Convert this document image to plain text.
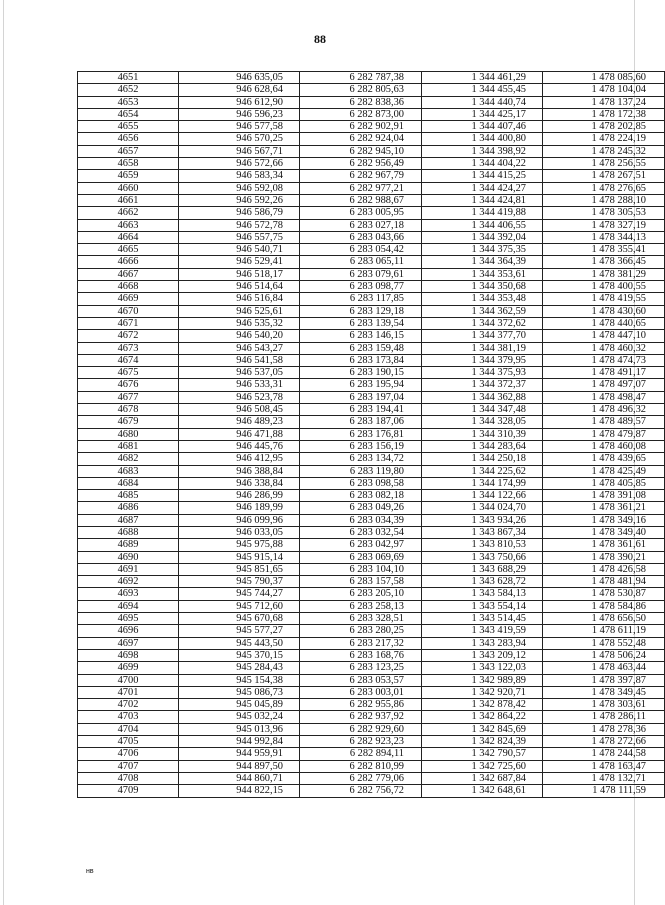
88
4651	946 635,05	6 282 787,38	1 344 461,29	1 478 085,60
4652	946 628,64	6 282 805,63	1 344 455,45	1 478 104,04
4653	946 612,90	6 282 838,36	1 344 440,74	1 478 137,24
4654	946 596,23	6 282 873,00	1 344 425,17	1 478 172,38
4655	946 577,58	6 282 902,91	1 344 407,46	1 478 202,85
4656	946 570,25	6 282 924,04	1 344 400,80	1 478 224,19
4657	946 567,71	6 282 945,10	1 344 398,92	1 478 245,32
4658	946 572,66	6 282 956,49	1 344 404,22	1 478 256,55
4659	946 583,34	6 282 967,79	1 344 415,25	1 478 267,51
4660	946 592,08	6 282 977,21	1 344 424,27	1 478 276,65
4661	946 592,26	6 282 988,67	1 344 424,81	1 478 288,10
4662	946 586,79	6 283 005,95	1 344 419,88	1 478 305,53
4663	946 572,78	6 283 027,18	1 344 406,55	1 478 327,19
4664	946 557,75	6 283 043,66	1 344 392,04	1 478 344,13
4665	946 540,71	6 283 054,42	1 344 375,35	1 478 355,41
4666	946 529,41	6 283 065,11	1 344 364,39	1 478 366,45
4667	946 518,17	6 283 079,61	1 344 353,61	1 478 381,29
4668	946 514,64	6 283 098,77	1 344 350,68	1 478 400,55
4669	946 516,84	6 283 117,85	1 344 353,48	1 478 419,55
4670	946 525,61	6 283 129,18	1 344 362,59	1 478 430,60
4671	946 535,32	6 283 139,54	1 344 372,62	1 478 440,65
4672	946 540,20	6 283 146,15	1 344 377,70	1 478 447,10
4673	946 543,27	6 283 159,48	1 344 381,19	1 478 460,32
4674	946 541,58	6 283 173,84	1 344 379,95	1 478 474,73
4675	946 537,05	6 283 190,15	1 344 375,93	1 478 491,17
4676	946 533,31	6 283 195,94	1 344 372,37	1 478 497,07
4677	946 523,78	6 283 197,04	1 344 362,88	1 478 498,47
4678	946 508,45	6 283 194,41	1 344 347,48	1 478 496,32
4679	946 489,23	6 283 187,06	1 344 328,05	1 478 489,57
4680	946 471,88	6 283 176,81	1 344 310,39	1 478 479,87
4681	946 445,76	6 283 156,19	1 344 283,64	1 478 460,08
4682	946 412,95	6 283 134,72	1 344 250,18	1 478 439,65
4683	946 388,84	6 283 119,80	1 344 225,62	1 478 425,49
4684	946 338,84	6 283 098,58	1 344 174,99	1 478 405,85
4685	946 286,99	6 283 082,18	1 344 122,66	1 478 391,08
4686	946 189,99	6 283 049,26	1 344 024,70	1 478 361,21
4687	946 099,96	6 283 034,39	1 343 934,26	1 478 349,16
4688	946 033,05	6 283 032,54	1 343 867,34	1 478 349,40
4689	945 975,88	6 283 042,97	1 343 810,53	1 478 361,61
4690	945 915,14	6 283 069,69	1 343 750,66	1 478 390,21
4691	945 851,65	6 283 104,10	1 343 688,29	1 478 426,58
4692	945 790,37	6 283 157,58	1 343 628,72	1 478 481,94
4693	945 744,27	6 283 205,10	1 343 584,13	1 478 530,87
4694	945 712,60	6 283 258,13	1 343 554,14	1 478 584,86
4695	945 670,68	6 283 328,51	1 343 514,45	1 478 656,50
4696	945 577,27	6 283 280,25	1 343 419,59	1 478 611,19
4697	945 443,50	6 283 217,32	1 343 283,94	1 478 552,48
4698	945 370,15	6 283 168,76	1 343 209,12	1 478 506,24
4699	945 284,43	6 283 123,25	1 343 122,03	1 478 463,44
4700	945 154,38	6 283 053,57	1 342 989,89	1 478 397,87
4701	945 086,73	6 283 003,01	1 342 920,71	1 478 349,45
4702	945 045,89	6 282 955,86	1 342 878,42	1 478 303,61
4703	945 032,24	6 282 937,92	1 342 864,22	1 478 286,11
4704	945 013,96	6 282 929,60	1 342 845,69	1 478 278,36
4705	944 992,84	6 282 923,23	1 342 824,39	1 478 272,66
4706	944 959,91	6 282 894,11	1 342 790,57	1 478 244,58
4707	944 897,50	6 282 810,99	1 342 725,60	1 478 163,47
4708	944 860,71	6 282 779,06	1 342 687,84	1 478 132,71
4709	944 822,15	6 282 756,72	1 342 648,61	1 478 111,59
нв
